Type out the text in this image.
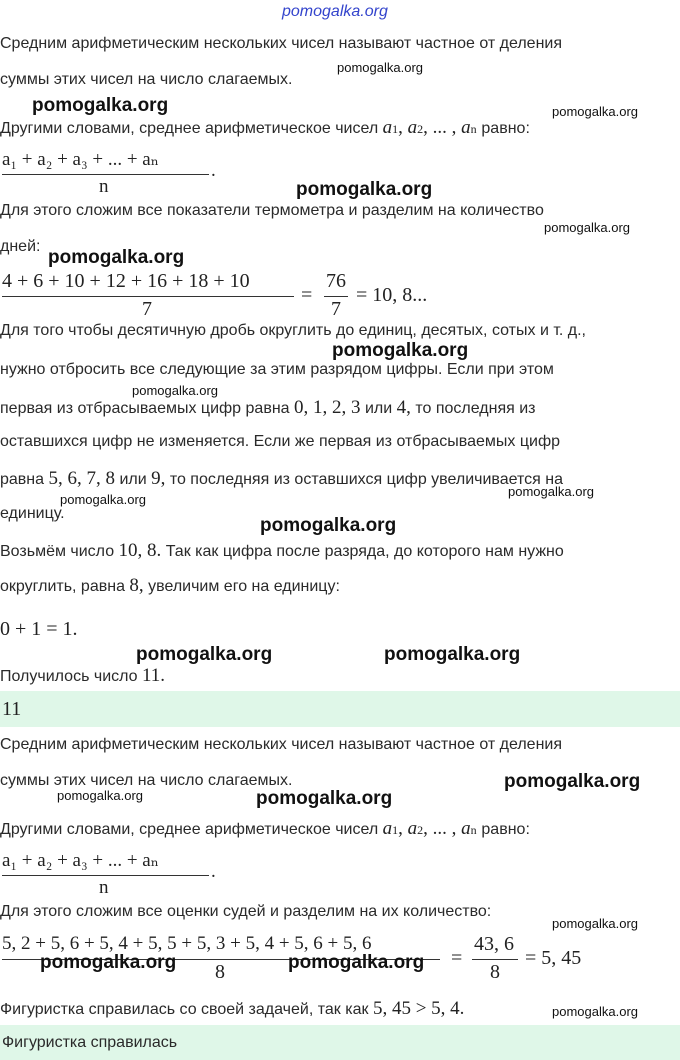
pomogalka.org
Средним арифметическим нескольких чисел называют частное от деления
суммы этих чисел на число слагаемых.
Другими словами, среднее арифметическое чисел a1, a2, ... , an равно:
a₁ + a₂ + a₃ + ... + aₙ
n
.
Для этого сложим все показатели термометра и разделим на количество
дней:
4 + 6 + 10 + 12 + 16 + 18 + 10
7
=
76
7
= 10, 8...
Для того чтобы десятичную дробь округлить до единиц, десятых, сотых и т. д.,
нужно отбросить все следующие за этим разрядом цифры. Если при этом
первая из отбрасываемых цифр равна 0, 1, 2, 3 или 4, то последняя из
оставшихся цифр не изменяется. Если же первая из отбрасываемых цифр
равна 5, 6, 7, 8 или 9, то последняя из оставшихся цифр увеличивается на
единицу.
Возьмём число 10, 8. Так как цифра после разряда, до которого нам нужно
округлить, равна 8, увеличим его на единицу:
0 + 1 = 1.
Получилось число 11.
11
Средним арифметическим нескольких чисел называют частное от деления
суммы этих чисел на число слагаемых.
Другими словами, среднее арифметическое чисел a1, a2, ... , an равно:
a₁ + a₂ + a₃ + ... + aₙ
n
.
Для этого сложим все оценки судей и разделим на их количество:
5, 2 + 5, 6 + 5, 4 + 5, 5 + 5, 3 + 5, 4 + 5, 6 + 5, 6
8
=
43, 6
8
= 5, 45
Фигуристка справилась со своей задачей, так как 5, 45 > 5, 4.
Фигуристка справилась
pomogalka.org
pomogalka.org	pomogalka.org
pomogalka.org
pomogalka.org
pomogalka.org
pomogalka.org
pomogalka.org
pomogalka.org
pomogalka.org
pomogalka.org
pomogalka.org	pomogalka.org
pomogalka.org
pomogalka.org	pomogalka.org
pomogalka.org
pomogalka.org	pomogalka.org
pomogalka.org
